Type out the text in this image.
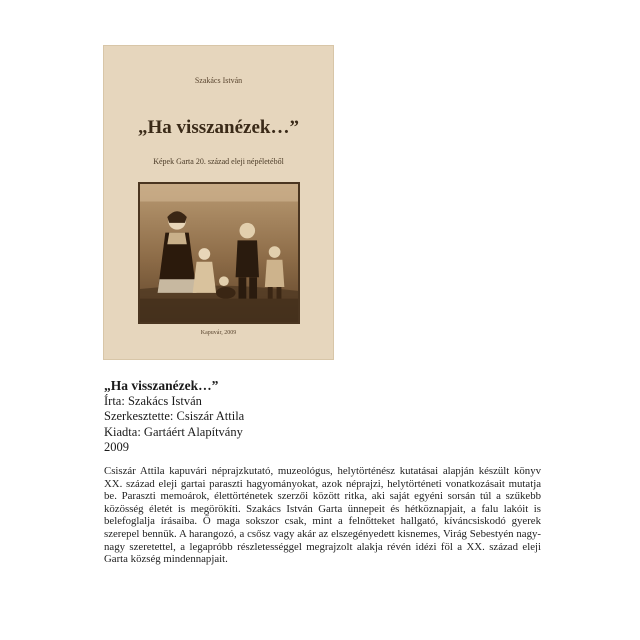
Szakács István
„Ha visszanézek…”
Képek Garta 20. század eleji népéletéből
Kapuvár, 2009
„Ha visszanézek…”
Írta: Szakács István
Szerkesztette: Csiszár Attila
Kiadta: Gartáért Alapítvány
2009
Csiszár Attila kapuvári néprajzkutató, muzeológus, helytörténész kutatásai alapján készült könyv XX. század eleji gartai paraszti hagyományokat, azok néprajzi, helytörténeti vonatkozásait mutatja be. Paraszti memoárok, élettörténetek szerzői között ritka, aki saját egyéni sorsán túl a szűkebb közösség életét is megörökíti. Szakács István Garta ünnepeit és hétköznapjait, a falu lakóit is belefoglalja írásaiba. Ő maga sokszor csak, mint a felnőtteket hallgató, kíváncsiskodó gyerek szerepel bennük. A harangozó, a csősz vagy akár az elszegényedett kisnemes, Virág Sebestyén nagy-nagy szeretettel, a legapróbb részletességgel megrajzolt alakja révén idézi föl a XX. század eleji Garta község mindennapjait.
